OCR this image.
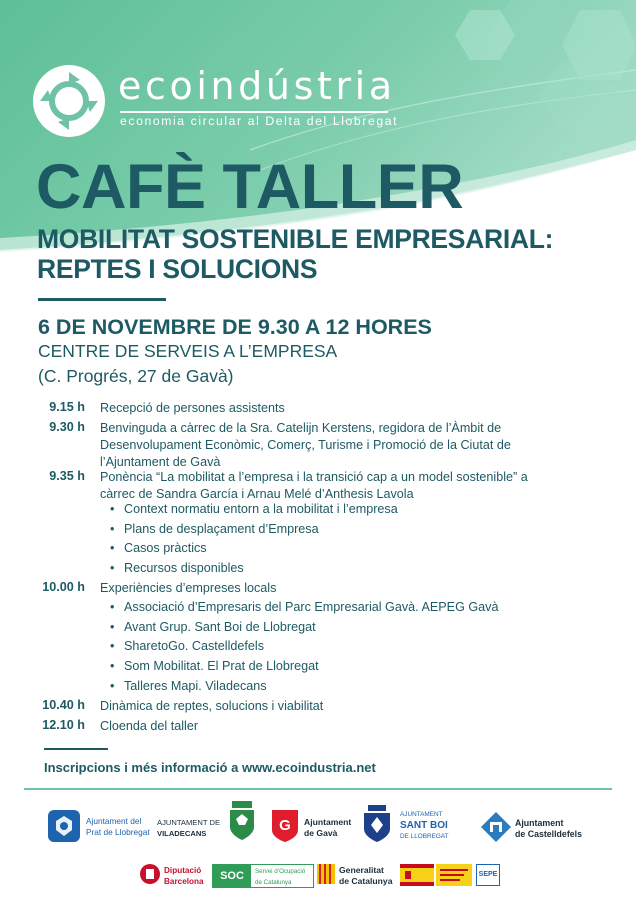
ecoindústria
economia circular al Delta del Llobregat
CAFÈ TALLER
MOBILITAT SOSTENIBLE EMPRESARIAL:
REPTES I SOLUCIONS
6 DE NOVEMBRE DE 9.30 A 12 HORES
CENTRE DE SERVEIS A L’EMPRESA
(C. Progrés, 27 de Gavà)
9.15 h Recepció de persones assistents
9.30 h Benvinguda a càrrec de la Sra. Catelijn Kerstens, regidora de l’Àmbit de
Desenvolupament Econòmic, Comerç, Turisme i Promoció de la Ciutat de
l’Ajuntament de Gavà
9.35 h Ponència “La mobilitat a l’empresa i la transició cap a un model sostenible” a
càrrec de Sandra García i Arnau Melé d’Anthesis Lavola
• Context normatiu entorn a la mobilitat i l’empresa
• Plans de desplaçament d’Empresa
• Casos pràctics
• Recursos disponibles
10.00 h Experiències d’empreses locals
• Associació d’Empresaris del Parc Empresarial Gavà. AEPEG Gavà
• Avant Grup. Sant Boi de Llobregat
• SharetoGo. Castelldefels
• Som Mobilitat. El Prat de Llobregat
• Talleres Mapi. Viladecans
10.40 h Dinàmica de reptes, solucions i viabilitat
12.10 h Cloenda del taller
Inscripcions i més informació a www.ecoindustria.net
Ajuntament del
Prat de Llobregat
AJUNTAMENT DE
VILADECANS	G Ajuntament
de Gavà
AJUNTAMENT
SANT BOI
DE LLOBREGAT
Ajuntament
de Castelldefels
Diputació
Barcelona	SOC	Servei d’Ocupació
de Catalunya
Generalitat
de Catalunya
SEPE
